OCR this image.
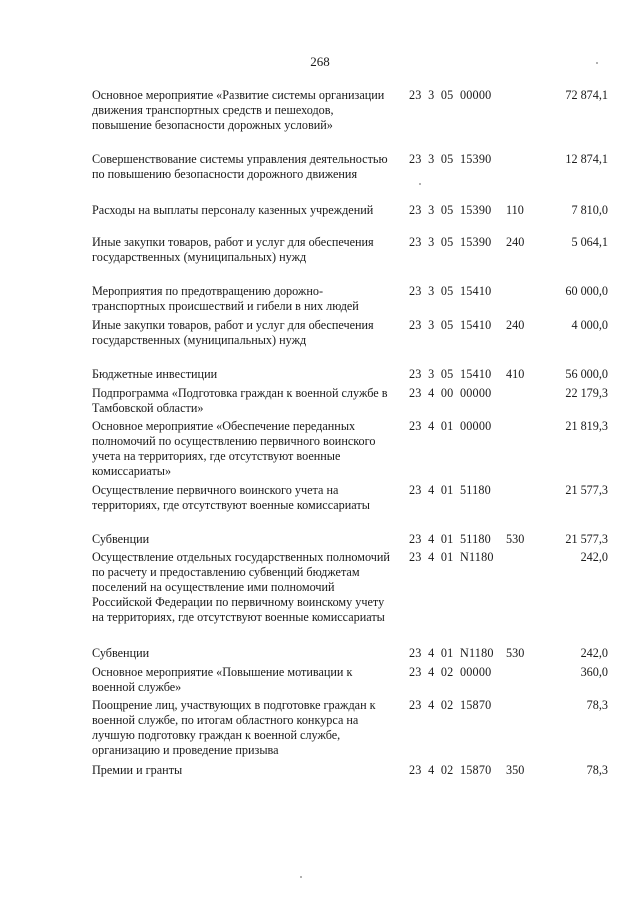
268
Основное мероприятие «Развитие системы организации движения транспортных средств и пешеходов, повышение безопасности дорожных условий»
23  3  05  00000	72 874,1
Совершенствование системы управления деятельностью по повышению безопасности дорожного движения
23  3  05  15390	12 874,1
Расходы на выплаты персоналу казенных учреждений	23  3  05  15390 110	7 810,0
Иные закупки товаров, работ и услуг для обеспечения государственных (муниципальных) нужд
23  3  05  15390 240	5 064,1
Мероприятия по предотвращению дорожно-транспортных происшествий и гибели в них людей
23  3  05  15410	60 000,0
Иные закупки товаров, работ и услуг для обеспечения государственных (муниципальных) нужд
23  3  05  15410 240	4 000,0
Бюджетные инвестиции	23  3  05  15410 410	56 000,0
Подпрограмма «Подготовка граждан к военной службе в Тамбовской области»
23  4  00  00000	22 179,3
Основное мероприятие «Обеспечение переданных полномочий по осуществлению первичного воинского учета на территориях, где отсутствуют военные комиссариаты»
23  4  01  00000	21 819,3
Осуществление первичного воинского учета на территориях, где отсутствуют военные комиссариаты
23  4  01  51180	21 577,3
Субвенции	23  4  01  51180 530	21 577,3
Осуществление отдельных государственных полномочий по расчету и предоставлению субвенций бюджетам поселений на осуществление ими полномочий Российской Федерации по первичному воинскому учету на территориях, где отсутствуют военные комиссариаты
23  4  01  N1180	242,0
Субвенции	23  4  01  N1180 530	242,0
Основное мероприятие «Повышение мотивации к военной службе»
23  4  02  00000	360,0
Поощрение лиц, участвующих в подготовке граждан к военной службе, по итогам областного конкурса на лучшую подготовку граждан к военной службе, организацию и проведение призыва
23  4  02  15870	78,3
Премии и гранты	23  4  02  15870 350	78,3
